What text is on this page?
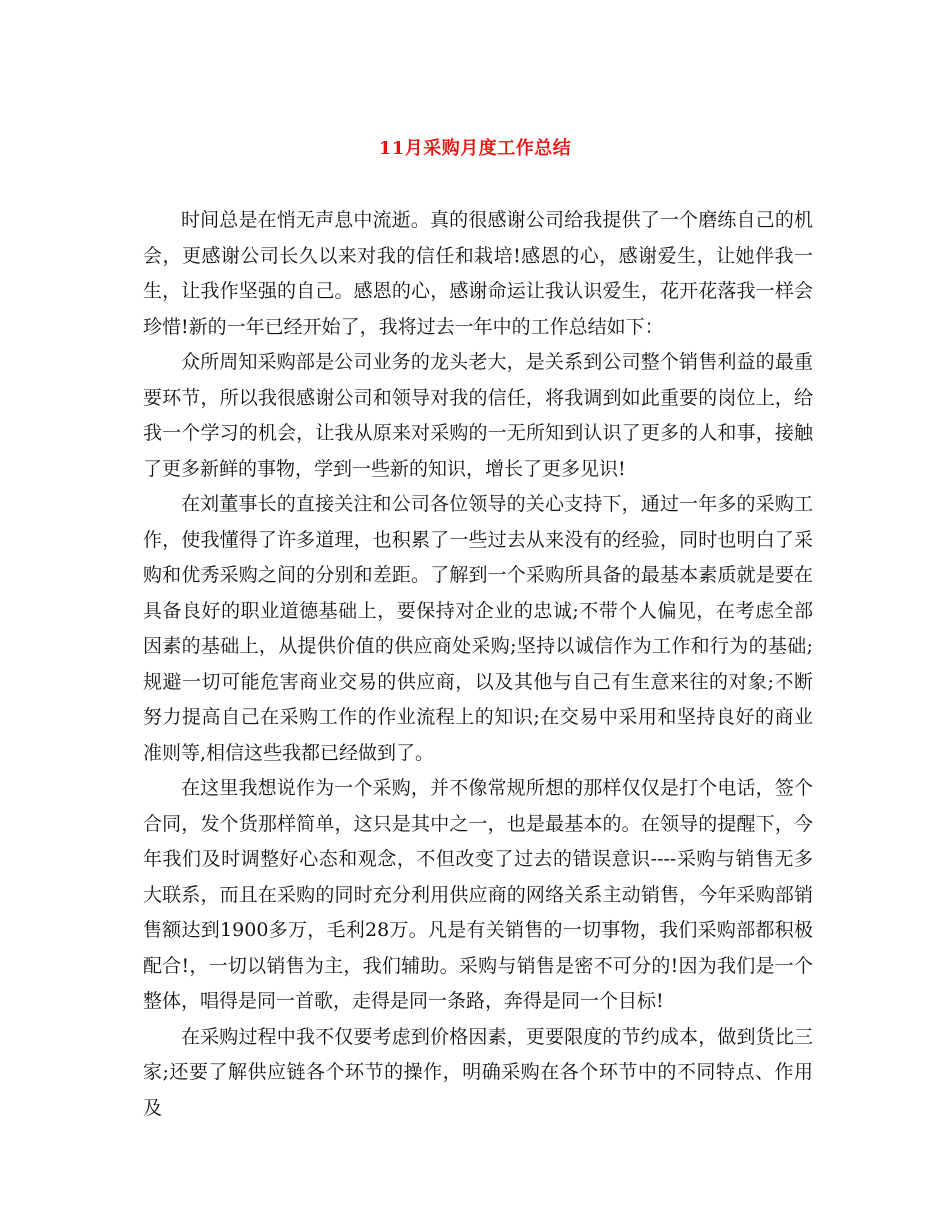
11月采购月度工作总结

时间总是在悄无声息中流逝。真的很感谢公司给我提供了一个磨练自己的机会，更感谢公司长久以来对我的信任和栽培!感恩的心，感谢爱生，让她伴我一生，让我作坚强的自己。感恩的心，感谢命运让我认识爱生，花开花落我一样会珍惜!新的一年已经开始了，我将过去一年中的工作总结如下：

众所周知采购部是公司业务的龙头老大，是关系到公司整个销售利益的最重要环节，所以我很感谢公司和领导对我的信任，将我调到如此重要的岗位上，给我一个学习的机会，让我从原来对采购的一无所知到认识了更多的人和事，接触了更多新鲜的事物，学到一些新的知识，增长了更多见识!

在刘董事长的直接关注和公司各位领导的关心支持下，通过一年多的采购工作，使我懂得了许多道理，也积累了一些过去从来没有的经验，同时也明白了采购和优秀采购之间的分别和差距。了解到一个采购所具备的最基本素质就是要在具备良好的职业道德基础上，要保持对企业的忠诚;不带个人偏见，在考虑全部因素的基础上，从提供价值的供应商处采购;坚持以诚信作为工作和行为的基础;规避一切可能危害商业交易的供应商，以及其他与自己有生意来往的对象;不断努力提高自己在采购工作的作业流程上的知识;在交易中采用和坚持良好的商业准则等,相信这些我都已经做到了。

在这里我想说作为一个采购，并不像常规所想的那样仅仅是打个电话，签个合同，发个货那样简单，这只是其中之一，也是最基本的。在领导的提醒下，今年我们及时调整好心态和观念，不但改变了过去的错误意识----采购与销售无多大联系，而且在采购的同时充分利用供应商的网络关系主动销售，今年采购部销售额达到1900多万，毛利28万。凡是有关销售的一切事物，我们采购部都积极配合!，一切以销售为主，我们辅助。采购与销售是密不可分的!因为我们是一个整体，唱得是同一首歌，走得是同一条路，奔得是同一个目标!

在采购过程中我不仅要考虑到价格因素，更要限度的节约成本，做到货比三家;还要了解供应链各个环节的操作，明确采购在各个环节中的不同特点、作用及
